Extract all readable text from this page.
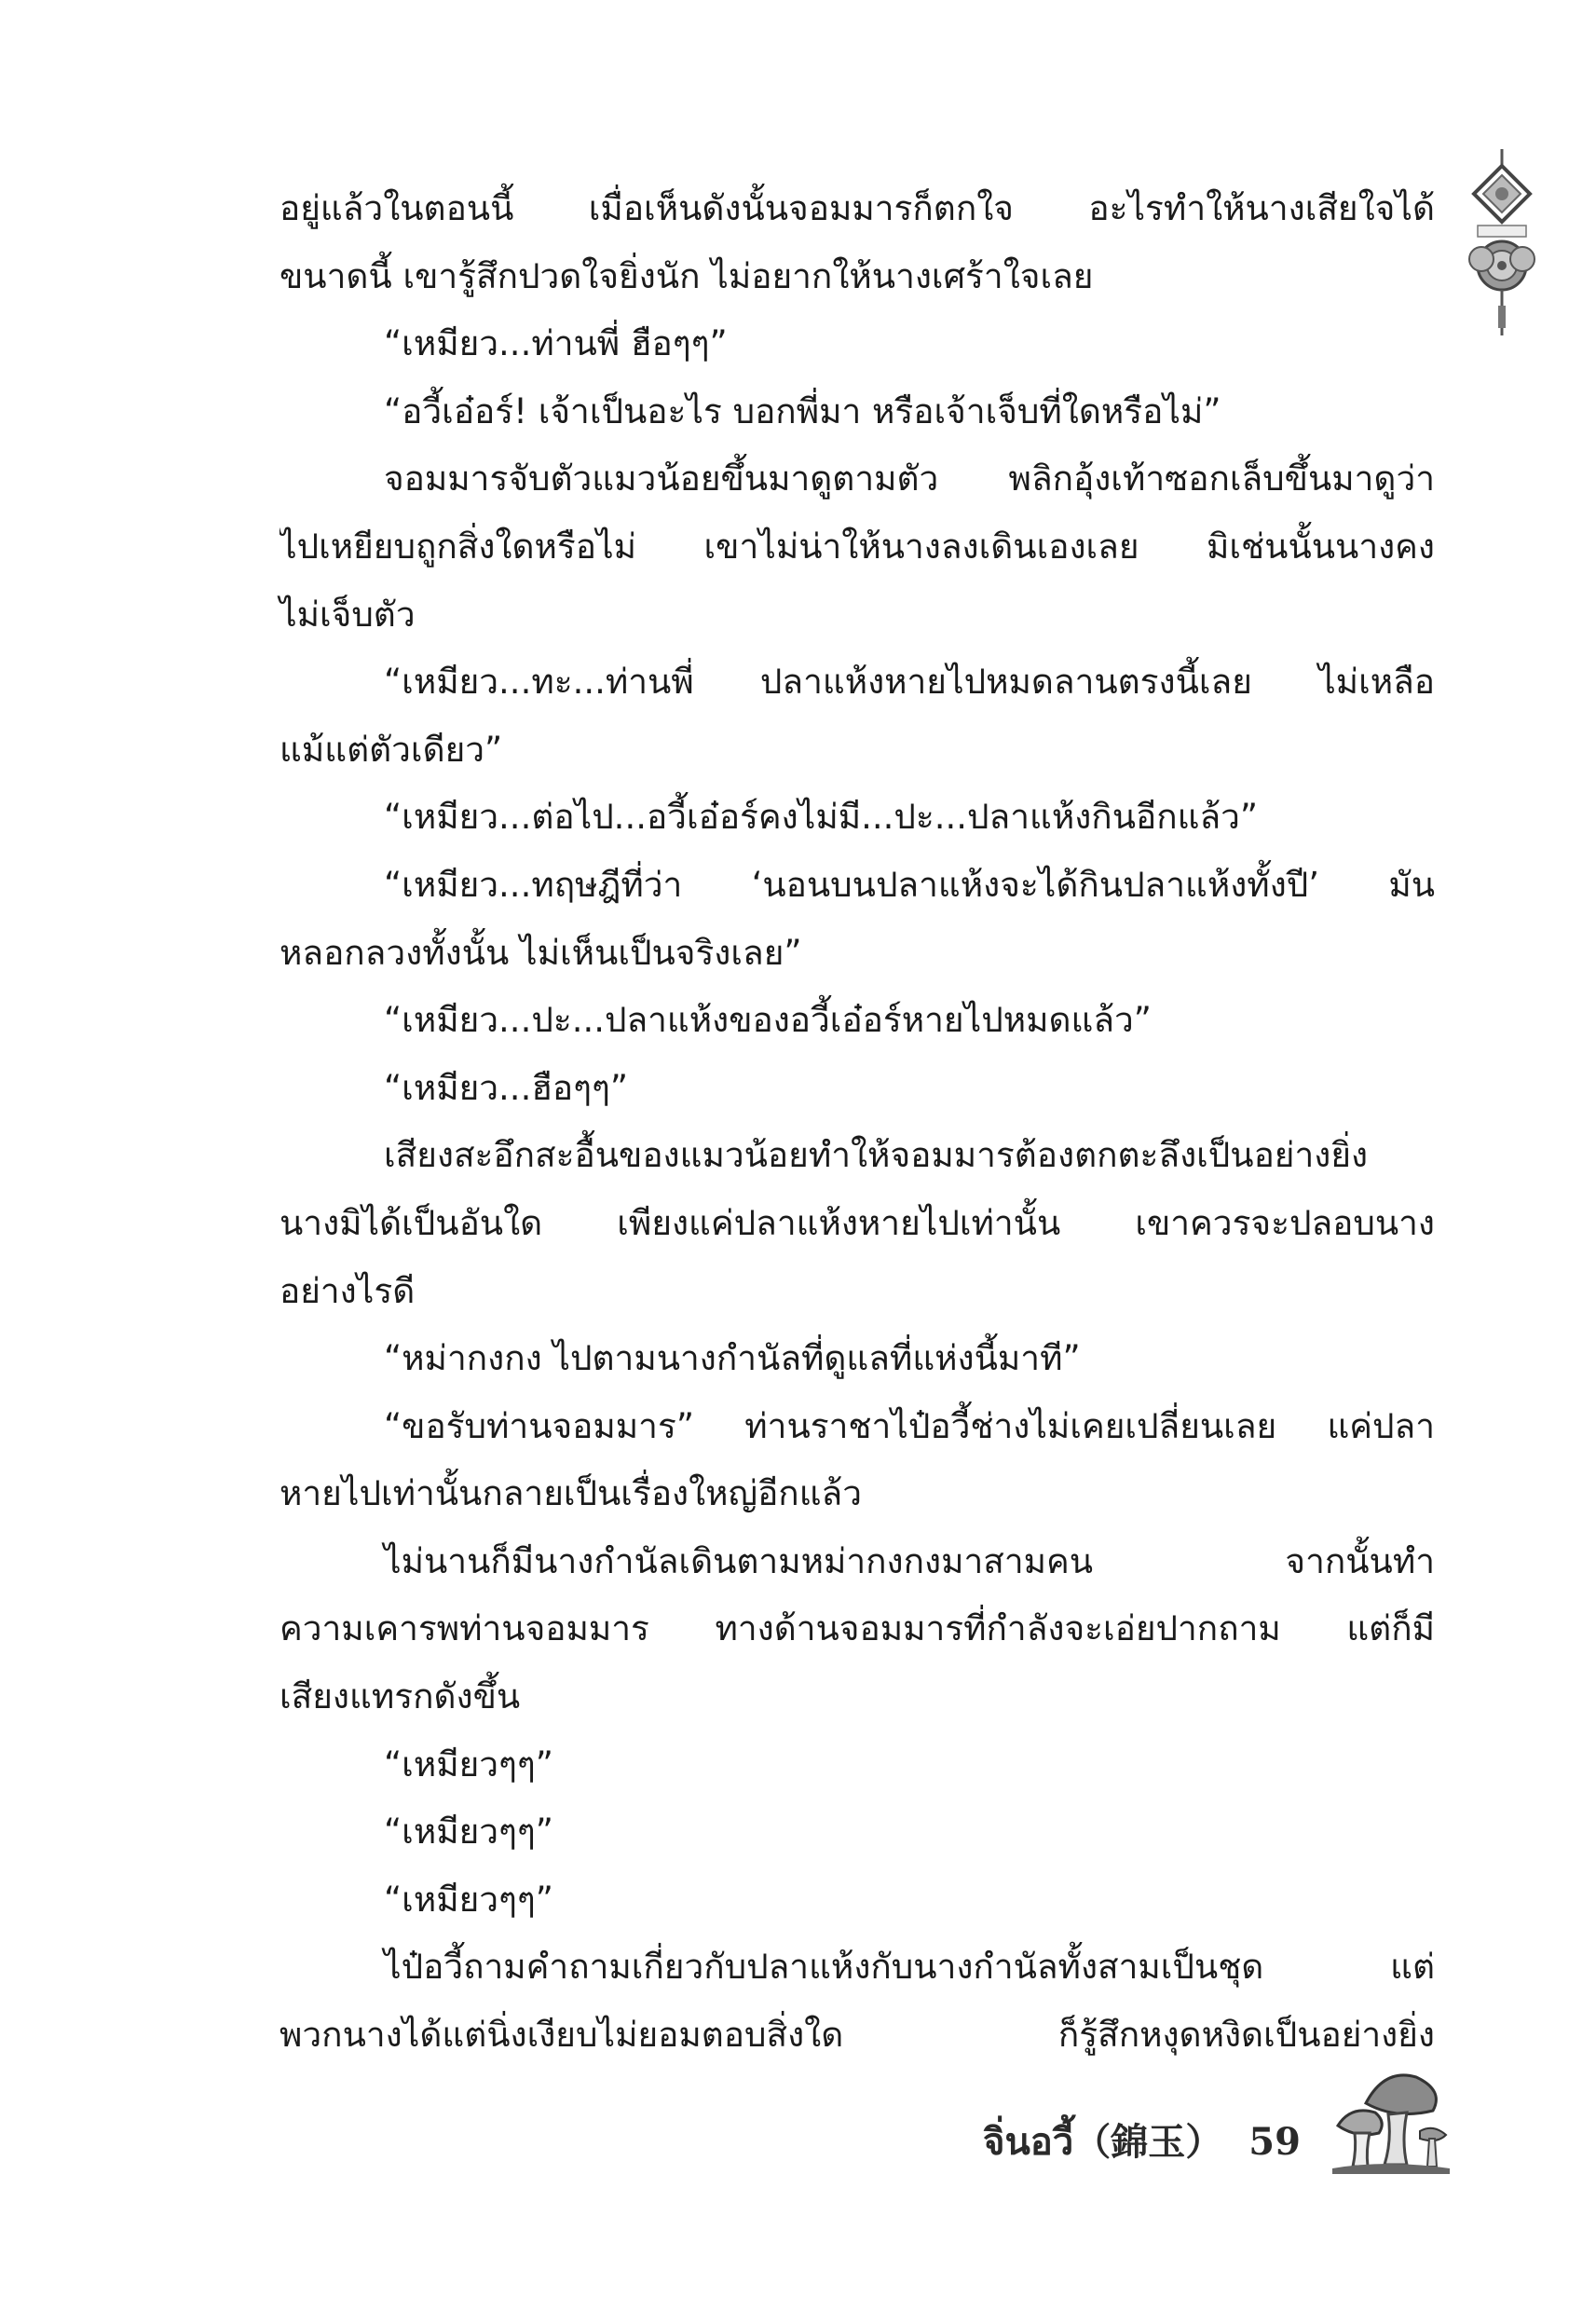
อยู่แล้วในตอนนี้ เมื่อเห็นดังนั้นจอมมารก็ตกใจ อะไรทำให้นางเสียใจได้
ขนาดนี้ เขารู้สึกปวดใจยิ่งนัก ไม่อยากให้นางเศร้าใจเลย
“เหมียว...ท่านพี่ ฮือๆๆ”
“อวี้เอ๋อร์! เจ้าเป็นอะไร บอกพี่มา หรือเจ้าเจ็บที่ใดหรือไม่”
จอมมารจับตัวแมวน้อยขึ้นมาดูตามตัว พลิกอุ้งเท้าซอกเล็บขึ้นมาดูว่า
ไปเหยียบถูกสิ่งใดหรือไม่ เขาไม่น่าให้นางลงเดินเองเลย มิเช่นนั้นนางคง
ไม่เจ็บตัว
“เหมียว...ทะ...ท่านพี่ ปลาแห้งหายไปหมดลานตรงนี้เลย ไม่เหลือ
แม้แต่ตัวเดียว”
“เหมียว...ต่อไป...อวี้เอ๋อร์คงไม่มี...ปะ...ปลาแห้งกินอีกแล้ว”
“เหมียว...ทฤษฎีที่ว่า ‘นอนบนปลาแห้งจะได้กินปลาแห้งทั้งปี’ มัน
หลอกลวงทั้งนั้น ไม่เห็นเป็นจริงเลย”
“เหมียว...ปะ...ปลาแห้งของอวี้เอ๋อร์หายไปหมดแล้ว”
“เหมียว...ฮือๆๆ”
เสียงสะอึกสะอื้นของแมวน้อยทำให้จอมมารต้องตกตะลึงเป็นอย่างยิ่ง
นางมิได้เป็นอันใด เพียงแค่ปลาแห้งหายไปเท่านั้น เขาควรจะปลอบนาง
อย่างไรดี
“หม่ากงกง ไปตามนางกำนัลที่ดูแลที่แห่งนี้มาที”
“ขอรับท่านจอมมาร” ท่านราชาไป๋อวี้ช่างไม่เคยเปลี่ยนเลย แค่ปลา
หายไปเท่านั้นกลายเป็นเรื่องใหญ่อีกแล้ว
ไม่นานก็มีนางกำนัลเดินตามหม่ากงกงมาสามคน จากนั้นทำ
ความเคารพท่านจอมมาร ทางด้านจอมมารที่กำลังจะเอ่ยปากถาม แต่ก็มี
เสียงแทรกดังขึ้น
“เหมียวๆๆ”
“เหมียวๆๆ”
“เหมียวๆๆ”
ไป๋อวี้ถามคำถามเกี่ยวกับปลาแห้งกับนางกำนัลทั้งสามเป็นชุด แต่
พวกนางได้แต่นิ่งเงียบไม่ยอมตอบสิ่งใด ก็รู้สึกหงุดหงิดเป็นอย่างยิ่ง
จิ่นอวี้（錦玉） 59
